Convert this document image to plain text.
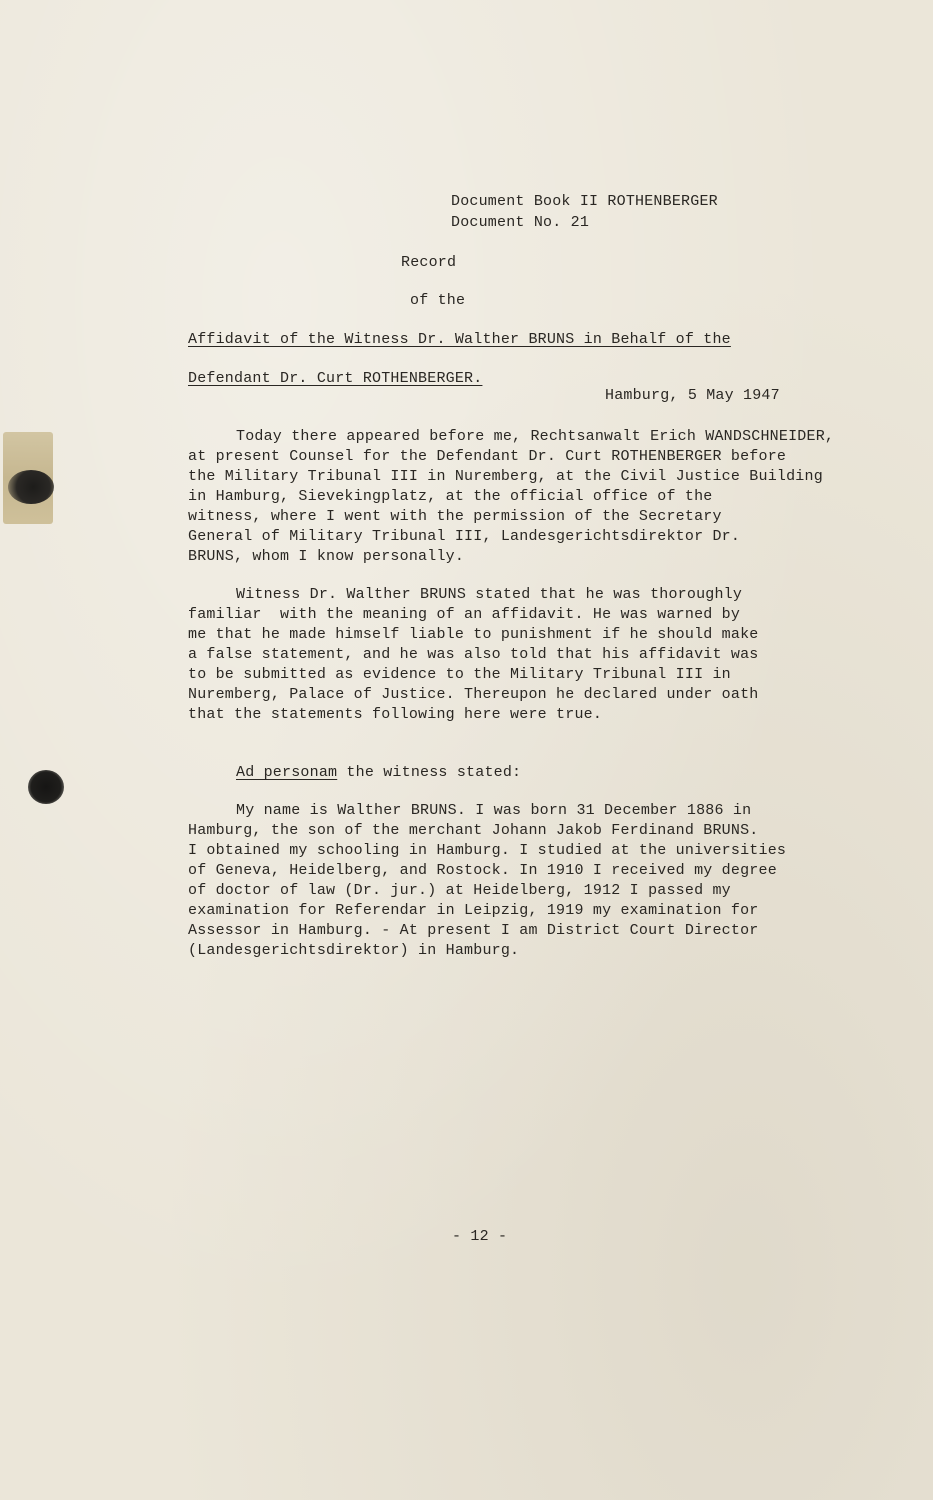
Document Book II ROTHENBERGER
Document No. 21
Record
of the
Affidavit of the Witness Dr. Walther BRUNS in Behalf of the
Defendant Dr. Curt ROTHENBERGER.
Hamburg, 5 May 1947
Today there appeared before me, Rechtsanwalt Erich WANDSCHNEIDER,
at present Counsel for the Defendant Dr. Curt ROTHENBERGER before
the Military Tribunal III in Nuremberg, at the Civil Justice Building
in Hamburg, Sievekingplatz, at the official office of the
witness, where I went with the permission of the Secretary
General of Military Tribunal III, Landesgerichtsdirektor Dr.
BRUNS, whom I know personally.
Witness Dr. Walther BRUNS stated that he was thoroughly
familiar  with the meaning of an affidavit. He was warned by
me that he made himself liable to punishment if he should make
a false statement, and he was also told that his affidavit was
to be submitted as evidence to the Military Tribunal III in
Nuremberg, Palace of Justice. Thereupon he declared under oath
that the statements following here were true.
Ad personam the witness stated:
My name is Walther BRUNS. I was born 31 December 1886 in
Hamburg, the son of the merchant Johann Jakob Ferdinand BRUNS.
I obtained my schooling in Hamburg. I studied at the universities
of Geneva, Heidelberg, and Rostock. In 1910 I received my degree
of doctor of law (Dr. jur.) at Heidelberg, 1912 I passed my
examination for Referendar in Leipzig, 1919 my examination for
Assessor in Hamburg. - At present I am District Court Director
(Landesgerichtsdirektor) in Hamburg.
- 12 -
